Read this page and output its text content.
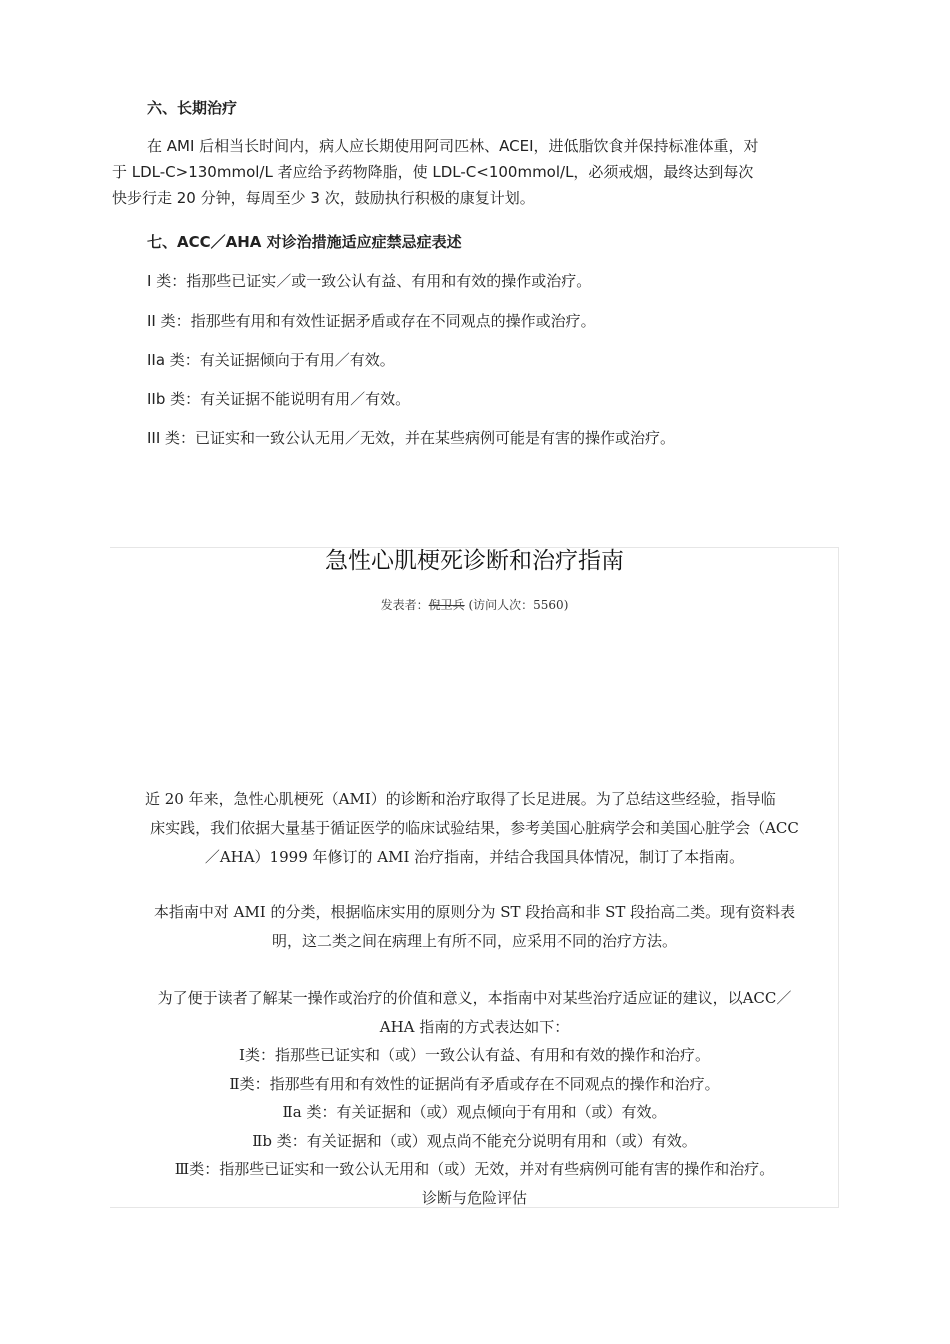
六、长期治疗
在 AMI 后相当长时间内，病人应长期使用阿司匹林、ACEI，进低脂饮食并保持标准体重，对
于 LDL-C>130mmol/L 者应给予药物降脂，使 LDL-C<100mmol/L，必须戒烟，最终达到每次
快步行走 20 分钟，每周至少 3 次，鼓励执行积极的康复计划。
七、ACC／AHA 对诊治措施适应症禁忌症表述
I 类：指那些已证实／或一致公认有益、有用和有效的操作或治疗。
II 类：指那些有用和有效性证据矛盾或存在不同观点的操作或治疗。
IIa 类：有关证据倾向于有用／有效。
IIb 类：有关证据不能说明有用／有效。
III 类：已证实和一致公认无用／无效，并在某些病例可能是有害的操作或治疗。
急性心肌梗死诊断和治疗指南
发表者：倪卫兵 (访问人次：5560)
近 20 年来，急性心肌梗死（AMI）的诊断和治疗取得了长足进展。为了总结这些经验，指导临
床实践，我们依据大量基于循证医学的临床试验结果，参考美国心脏病学会和美国心脏学会（ACC
／AHA）1999 年修订的 AMI 治疗指南，并结合我国具体情况，制订了本指南。
本指南中对 AMI 的分类，根据临床实用的原则分为 ST 段抬高和非 ST 段抬高二类。现有资料表
明，这二类之间在病理上有所不同，应采用不同的治疗方法。
为了便于读者了解某一操作或治疗的价值和意义，本指南中对某些治疗适应证的建议，以ACC／
AHA 指南的方式表达如下：
Ⅰ类：指那些已证实和（或）一致公认有益、有用和有效的操作和治疗。
Ⅱ类：指那些有用和有效性的证据尚有矛盾或存在不同观点的操作和治疗。
Ⅱa 类：有关证据和（或）观点倾向于有用和（或）有效。
Ⅱb 类：有关证据和（或）观点尚不能充分说明有用和（或）有效。
Ⅲ类：指那些已证实和一致公认无用和（或）无效，并对有些病例可能有害的操作和治疗。
诊断与危险评估
